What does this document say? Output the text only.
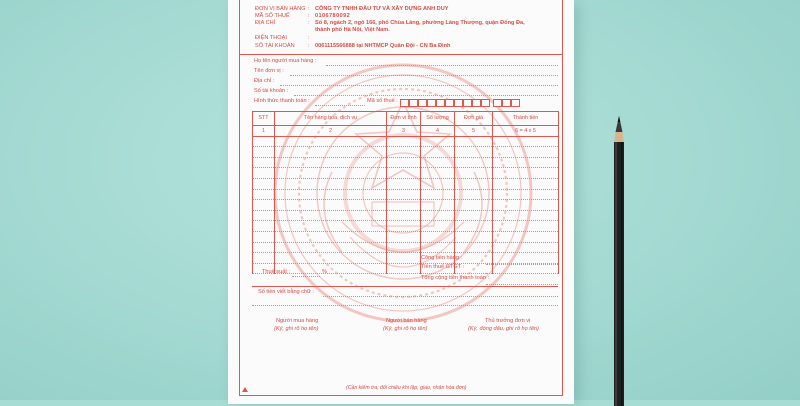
ĐƠN VỊ BÁN HÀNG : CÔNG TY TNHH ĐẦU TƯ VÀ XÂY DỰNG ANH DUY
MÃ SỐ THUẾ	: 0106780092
ĐỊA CHỈ	: Số 8, ngách 2, ngõ 166, phố Chùa Láng, phường Láng Thượng, quận Đống Đa,
thành phố Hà Nội, Việt Nam.
ĐIỆN THOẠI	:
SỐ TÀI KHOẢN : 0061115566888 tại NHTMCP Quân Đội - CN Ba Đình
Họ tên người mua hàng :
Tên đơn vị :
Địa chỉ :
Số tài khoản :
Hình thức thanh toán :	Mã số thuế :
STT	Tên hàng hóa, dịch vụ	Đơn vị tính	Số lượng	Đơn giá	Thành tiền
1	2	3	4	5	6 = 4 x 5

Cộng tiền hàng :
Thuế suất :	%
Tiền thuế GTGT :
Tổng cộng tiền thanh toán :
Số tiền viết bằng chữ :
Người mua hàng
(Ký, ghi rõ họ tên)
Người bán hàng
(Ký, ghi rõ họ tên)
Thủ trưởng đơn vị
(Ký, đóng dấu, ghi rõ họ tên)
(Cần kiểm tra, đối chiếu khi lập, giao, nhận hóa đơn)
